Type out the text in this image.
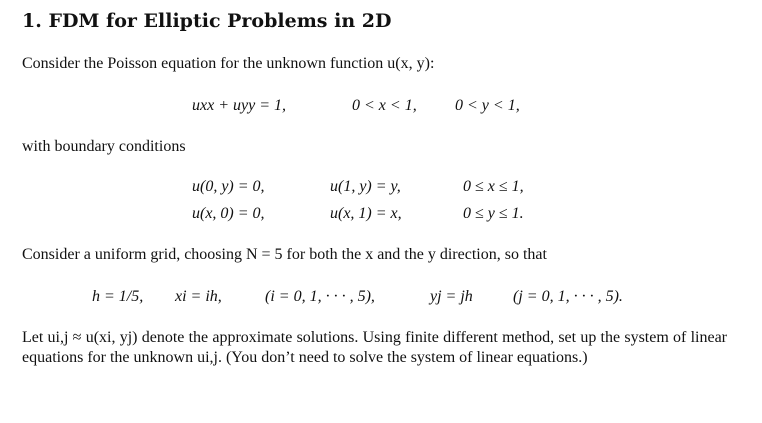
1. FDM for Elliptic Problems in 2D
Consider the Poisson equation for the unknown function u(x, y):
uxx + uyy = 1,	0 < x < 1, 0 < y < 1,
with boundary conditions
u(0, y) = 0,	u(1, y) = y,	0 ≤ x ≤ 1,
u(x, 0) = 0,	u(x, 1) = x,	0 ≤ y ≤ 1.
Consider a uniform grid, choosing N = 5 for both the x and the y direction, so that
h = 1/5, xi = ih,	(i = 0, 1, · · · , 5),	yj = jh	(j = 0, 1, · · · , 5).
Let ui,j ≈ u(xi, yj) denote the approximate solutions. Using finite different method, set up the system of linear equations for the unknown ui,j. (You don’t need to solve the system of linear equations.)
